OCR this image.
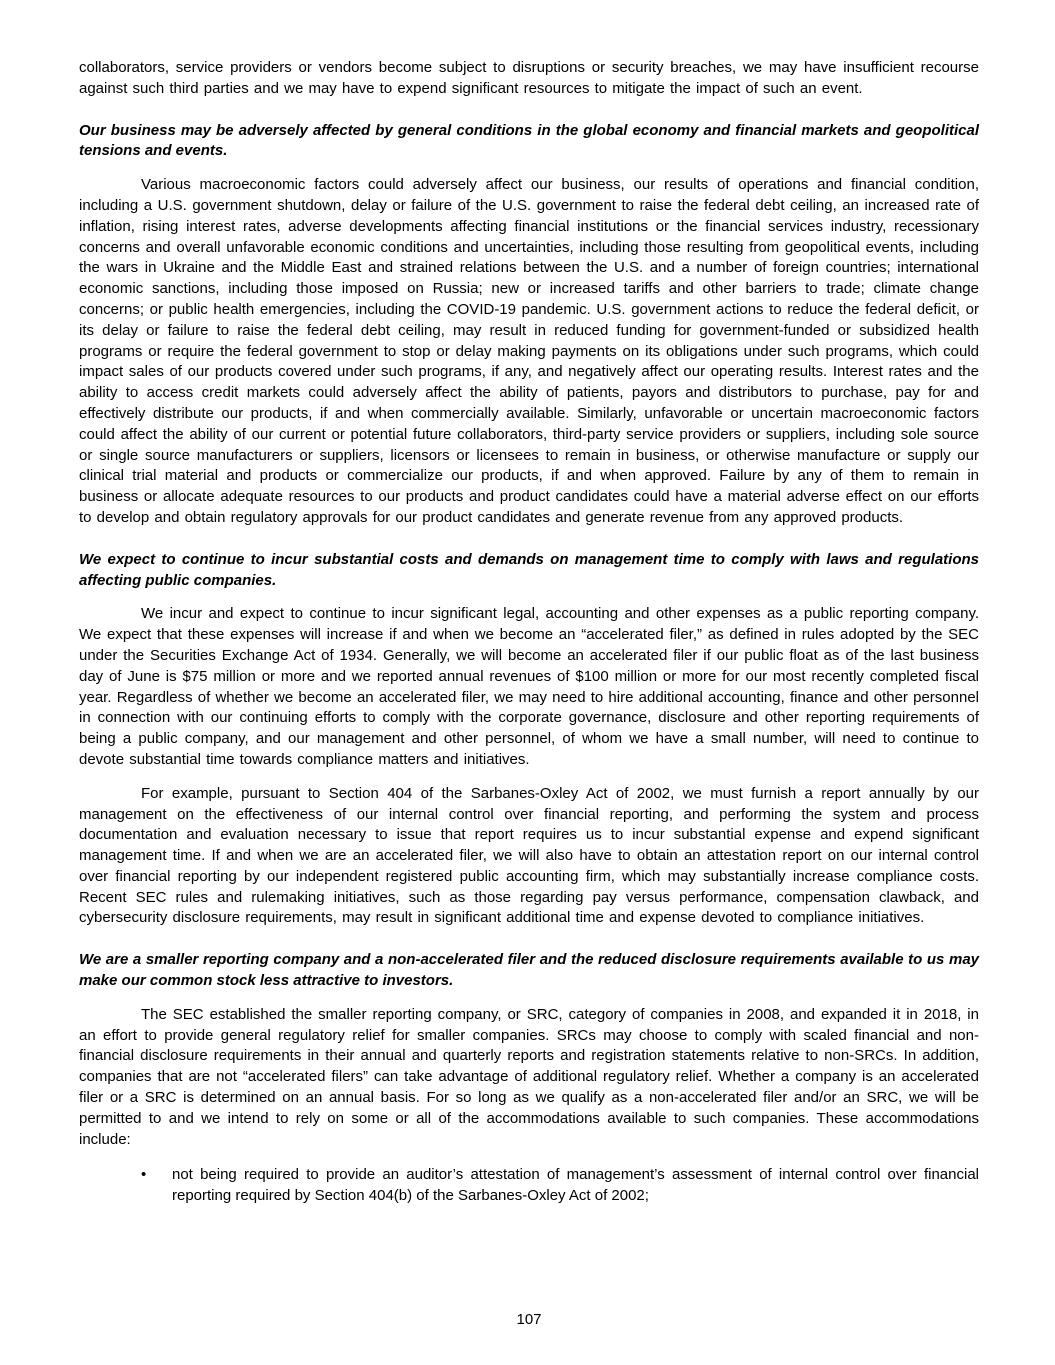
collaborators, service providers or vendors become subject to disruptions or security breaches, we may have insufficient recourse against such third parties and we may have to expend significant resources to mitigate the impact of such an event.

Our business may be adversely affected by general conditions in the global economy and financial markets and geopolitical tensions and events.

Various macroeconomic factors could adversely affect our business, our results of operations and financial condition, including a U.S. government shutdown, delay or failure of the U.S. government to raise the federal debt ceiling, an increased rate of inflation, rising interest rates, adverse developments affecting financial institutions or the financial services industry, recessionary concerns and overall unfavorable economic conditions and uncertainties, including those resulting from geopolitical events, including the wars in Ukraine and the Middle East and strained relations between the U.S. and a number of foreign countries; international economic sanctions, including those imposed on Russia; new or increased tariffs and other barriers to trade; climate change concerns; or public health emergencies, including the COVID-19 pandemic. U.S. government actions to reduce the federal deficit, or its delay or failure to raise the federal debt ceiling, may result in reduced funding for government-funded or subsidized health programs or require the federal government to stop or delay making payments on its obligations under such programs, which could impact sales of our products covered under such programs, if any, and negatively affect our operating results. Interest rates and the ability to access credit markets could adversely affect the ability of patients, payors and distributors to purchase, pay for and effectively distribute our products, if and when commercially available. Similarly, unfavorable or uncertain macroeconomic factors could affect the ability of our current or potential future collaborators, third-party service providers or suppliers, including sole source or single source manufacturers or suppliers, licensors or licensees to remain in business, or otherwise manufacture or supply our clinical trial material and products or commercialize our products, if and when approved. Failure by any of them to remain in business or allocate adequate resources to our products and product candidates could have a material adverse effect on our efforts to develop and obtain regulatory approvals for our product candidates and generate revenue from any approved products.

We expect to continue to incur substantial costs and demands on management time to comply with laws and regulations affecting public companies.

We incur and expect to continue to incur significant legal, accounting and other expenses as a public reporting company. We expect that these expenses will increase if and when we become an “accelerated filer,” as defined in rules adopted by the SEC under the Securities Exchange Act of 1934. Generally, we will become an accelerated filer if our public float as of the last business day of June is $75 million or more and we reported annual revenues of $100 million or more for our most recently completed fiscal year. Regardless of whether we become an accelerated filer, we may need to hire additional accounting, finance and other personnel in connection with our continuing efforts to comply with the corporate governance, disclosure and other reporting requirements of being a public company, and our management and other personnel, of whom we have a small number, will need to continue to devote substantial time towards compliance matters and initiatives.

For example, pursuant to Section 404 of the Sarbanes-Oxley Act of 2002, we must furnish a report annually by our management on the effectiveness of our internal control over financial reporting, and performing the system and process documentation and evaluation necessary to issue that report requires us to incur substantial expense and expend significant management time. If and when we are an accelerated filer, we will also have to obtain an attestation report on our internal control over financial reporting by our independent registered public accounting firm, which may substantially increase compliance costs. Recent SEC rules and rulemaking initiatives, such as those regarding pay versus performance, compensation clawback, and cybersecurity disclosure requirements, may result in significant additional time and expense devoted to compliance initiatives.

We are a smaller reporting company and a non-accelerated filer and the reduced disclosure requirements available to us may make our common stock less attractive to investors.

The SEC established the smaller reporting company, or SRC, category of companies in 2008, and expanded it in 2018, in an effort to provide general regulatory relief for smaller companies. SRCs may choose to comply with scaled financial and non-financial disclosure requirements in their annual and quarterly reports and registration statements relative to non-SRCs. In addition, companies that are not “accelerated filers” can take advantage of additional regulatory relief. Whether a company is an accelerated filer or a SRC is determined on an annual basis. For so long as we qualify as a non-accelerated filer and/or an SRC, we will be permitted to and we intend to rely on some or all of the accommodations available to such companies. These accommodations include:

• not being required to provide an auditor’s attestation of management’s assessment of internal control over financial reporting required by Section 404(b) of the Sarbanes-Oxley Act of 2002;
107
